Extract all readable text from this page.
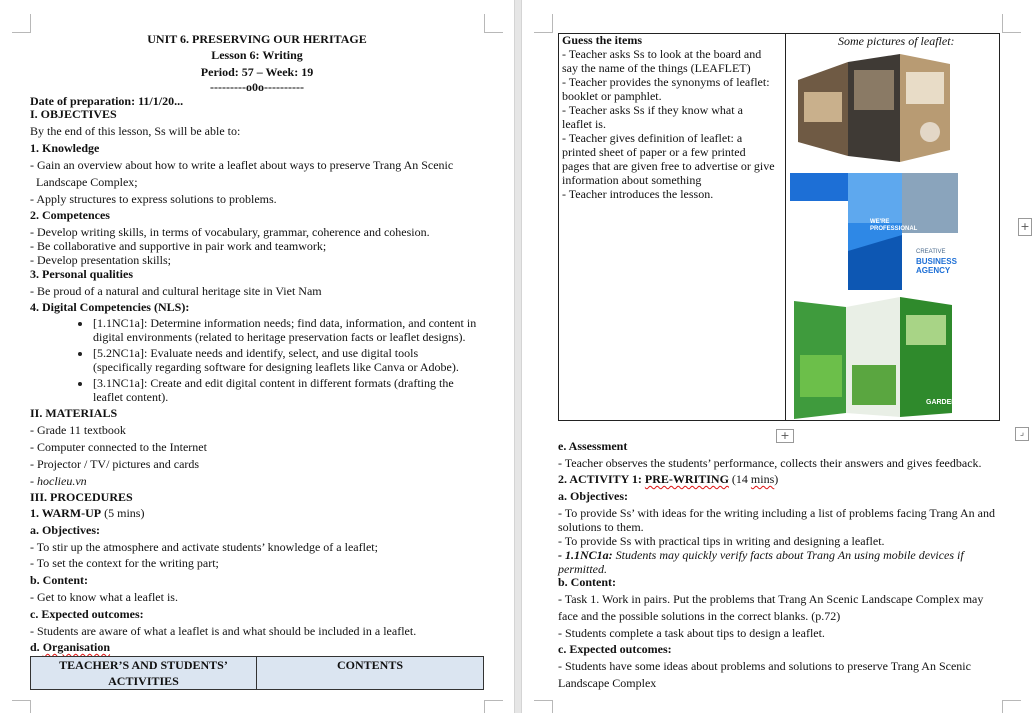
UNIT 6. PRESERVING OUR HERITAGE
Lesson 6: Writing
Period: 57 – Week: 19
---------o0o----------
Date of preparation: 11/1/20...
I. OBJECTIVES
By the end of this lesson, Ss will be able to:
1. Knowledge
- Gain an overview about how to write a leaflet about ways to preserve Trang An Scenic
Landscape Complex;
- Apply structures to express solutions to problems.
2. Competences
- Develop writing skills, in terms of vocabulary, grammar, coherence and cohesion.
- Be collaborative and supportive in pair work and teamwork;
- Develop presentation skills;
3. Personal qualities
- Be proud of a natural and cultural heritage site in Viet Nam
4. Digital Competencies (NLS):
[1.1NC1a]: Determine information needs; find data, information, and content in
digital environments (related to heritage preservation facts or leaflet designs).
[5.2NC1a]: Evaluate needs and identify, select, and use digital tools
(specifically regarding software for designing leaflets like Canva or Adobe).
[3.1NC1a]: Create and edit digital content in different formats (drafting the
leaflet content).
II. MATERIALS
- Grade 11 textbook
- Computer connected to the Internet
- Projector / TV/ pictures and cards
- hoclieu.vn
III. PROCEDURES
1. WARM-UP (5 mins)
a. Objectives:
- To stir up the atmosphere and activate students’ knowledge of a leaflet;
- To set the context for the writing part;
b. Content:
- Get to know what a leaflet is.
c. Expected outcomes:
- Students are aware of what a leaflet is and what should be included in a leaflet.
d. Organisation
TEACHER’S AND STUDENTS’
ACTIVITIES
CONTENTS
Guess the items
- Teacher asks Ss to look at the board and
say the name of the things (LEAFLET)
- Teacher provides the synonyms of leaflet:
booklet or pamphlet.
- Teacher asks Ss if they know what a
leaflet is.
- Teacher gives definition of leaflet: a
printed sheet of paper or a few printed
pages that are given free to advertise or give
information about something
- Teacher introduces the lesson.
Some pictures of leaflet:
WE'RE
PROFESSIONAL
CREATIVE
BUSINESS
AGENCY
GARDEN
+
e. Assessment
- Teacher observes the students’ performance, collects their answers and gives feedback.
2. ACTIVITY 1: PRE-WRITING (14 mins)
a. Objectives:
- To provide Ss’ with ideas for the writing including a list of problems facing Trang An and
solutions to them.
- To provide Ss with practical tips in writing and designing a leaflet.
- 1.1NC1a: Students may quickly verify facts about Trang An using mobile devices if
permitted.
b. Content:
- Task 1. Work in pairs. Put the problems that Trang An Scenic Landscape Complex may
face and the possible solutions in the correct blanks. (p.72)
- Students complete a task about tips to design a leaflet.
c. Expected outcomes:
- Students have some ideas about problems and solutions to preserve Trang An Scenic
Landscape Complex
⌟
+
